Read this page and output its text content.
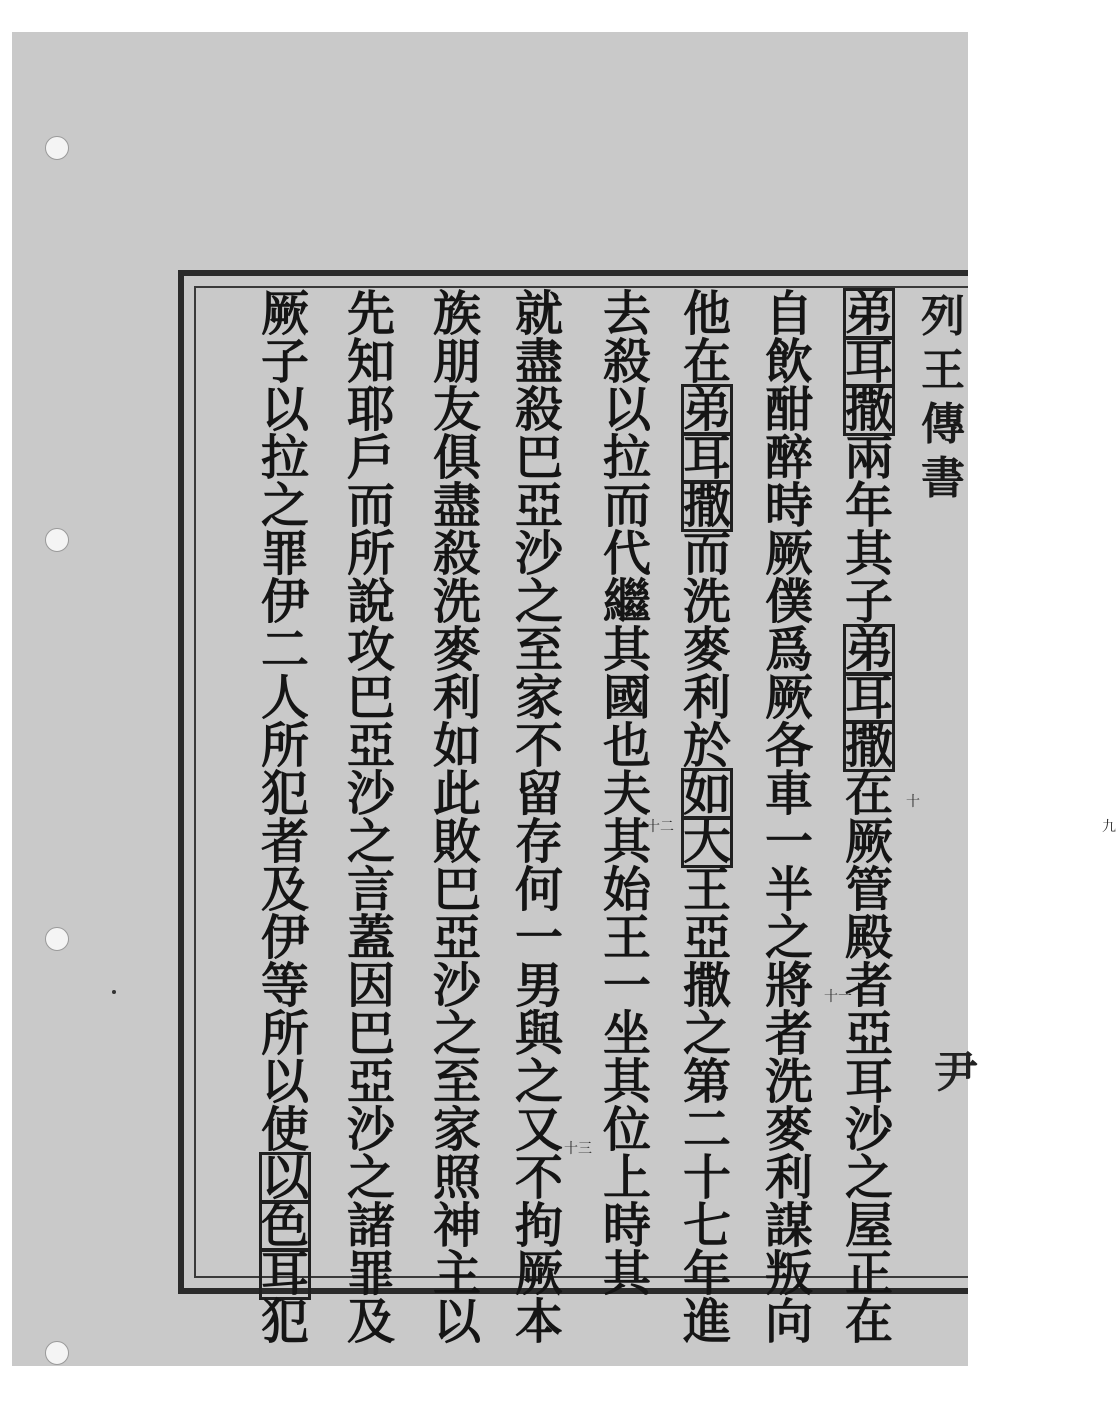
列
王
傳
書
尹
九
十
十一
十三
十二
弟
耳
撒
兩
年
其
子
弟
耳
撒
在
厥
管
殿
者
亞
耳
沙
之
屋
正
在
自
飲
酣
醉
時
厥
僕
爲
厥
各
車
一
半
之
將
者
洗
麥
利
謀
叛
向
他
在
弟
耳
撒
而
洗
麥
利
於
如
大
王
亞
撒
之
第
二
十
七
年
進
去
殺
以
拉
而
代
繼
其
國
也
夫
其
始
王
一
坐
其
位
上
時
其
就
盡
殺
巴
亞
沙
之
至
家
不
留
存
何
一
男
與
之
又
不
拘
厥
本
族
朋
友
俱
盡
殺
洗
麥
利
如
此
敗
巴
亞
沙
之
至
家
照
神
主
以
先
知
耶
戶
而
所
說
攻
巴
亞
沙
之
言
蓋
因
巴
亞
沙
之
諸
罪
及
厥
子
以
拉
之
罪
伊
二
人
所
犯
者
及
伊
等
所
以
使
以
色
耳
犯
